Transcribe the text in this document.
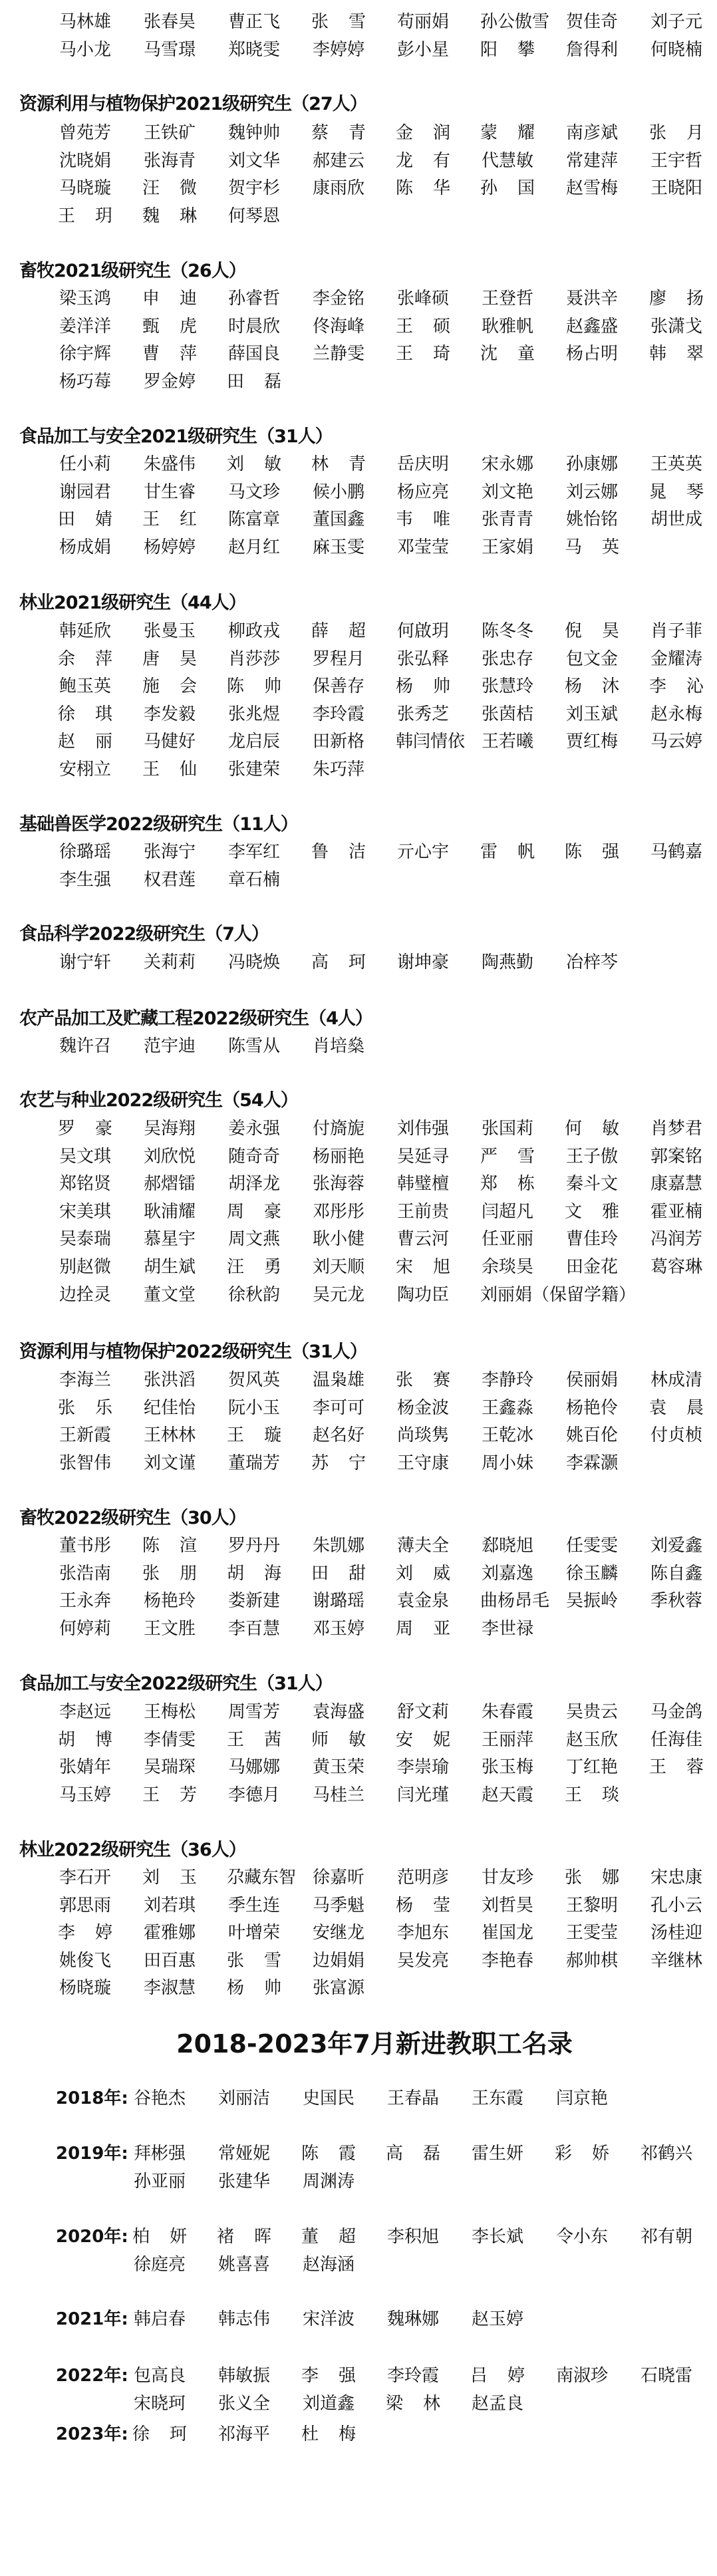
马林雄 张春昊 曹正飞 张雪 苟丽娟 孙公傲雪 贺佳奇 刘子元
马小龙 马雪璟 郑晓雯 李婷婷 彭小星 阳攀 詹得利 何晓楠
资源利用与植物保护2021级研究生（27人）
曾苑芳 王铁矿 魏钟帅 蔡青 金润 蒙耀 南彦斌 张月
沈晓娟 张海青 刘文华 郝建云 龙有 代慧敏 常建萍 王宇哲
马晓璇 汪微 贺宇杉 康雨欣 陈华 孙国 赵雪梅 王晓阳
王玥 魏琳 何琴恩
畜牧2021级研究生（26人）
梁玉鸿 申迪 孙睿哲 李金铭 张峰硕 王登哲 聂洪辛 廖扬
姜洋洋 甄虎 时晨欣 佟海峰 王硕 耿雅帆 赵鑫盛 张潇戈
徐宇辉 曹萍 薛国良 兰静雯 王琦 沈童 杨占明 韩翠
杨巧莓 罗金婷 田磊
食品加工与安全2021级研究生（31人）
任小莉 朱盛伟 刘敏 林青 岳庆明 宋永娜 孙康娜 王英英
谢园君 甘生睿 马文珍 候小鹏 杨应亮 刘文艳 刘云娜 晁琴
田婧 王红 陈富章 董国鑫 韦唯 张青青 姚怡铭 胡世成
杨成娟 杨婷婷 赵月红 麻玉雯 邓莹莹 王家娟 马英
林业2021级研究生（44人）
韩延欣 张曼玉 柳政戎 薛超 何啟玥 陈冬冬 倪昊 肖子菲
余萍 唐昊 肖莎莎 罗程月 张弘释 张忠存 包文金 金耀涛
鲍玉英 施会 陈帅 保善存 杨帅 张慧玲 杨沐 李沁
徐琪 李发毅 张兆煜 李玲霞 张秀芝 张茵桔 刘玉斌 赵永梅
赵丽 马健好 龙启辰 田新格 韩闫情依 王若曦 贾红梅 马云婷
安栩立 王仙 张建荣 朱巧萍
基础兽医学2022级研究生（11人）
徐璐瑶 张海宁 李军红 鲁洁 亓心宇 雷帆 陈强 马鹤嘉
李生强 权君莲 章石楠
食品科学2022级研究生（7人）
谢宁轩 关莉莉 冯晓焕 高珂 谢坤豪 陶燕勤 冶梓芩
农产品加工及贮藏工程2022级研究生（4人）
魏许召 范宇迪 陈雪从 肖培燊
农艺与种业2022级研究生（54人）
罗豪 吴海翔 姜永强 付旖旎 刘伟强 张国莉 何敏 肖梦君
吴文琪 刘欣悦 随奇奇 杨丽艳 吴延寻 严雪 王子傲 郭案铭
郑铭贤 郝熠镭 胡泽龙 张海蓉 韩璧檀 郑栋 秦斗文 康嘉慧
宋美琪 耿浦耀 周豪 邓彤彤 王前贵 闫超凡 文雅 霍亚楠
吴泰瑞 慕星宇 周文燕 耿小健 曹云河 任亚丽 曹佳玲 冯润芳
别赵微 胡生斌 汪勇 刘天顺 宋旭 余琰昊 田金花 葛容琳
边拴灵 董文堂 徐秋韵 吴元龙 陶功臣 刘丽娟（保留学籍）
资源利用与植物保护2022级研究生（31人）
李海兰 张洪滔 贺风英 温枭雄 张赛 李静玲 侯丽娟 林成清
张乐 纪佳怡 阮小玉 李可可 杨金波 王鑫淼 杨艳伶 袁晨
王新霞 王林林 王璇 赵名好 尚琰隽 王乾冰 姚百伦 付贞桢
张智伟 刘文谨 董瑞芳 苏宁 王守康 周小妹 李霖灏
畜牧2022级研究生（30人）
董书彤 陈渲 罗丹丹 朱凯娜 薄夫全 郄晓旭 任雯雯 刘爱鑫
张浩南 张朋 胡海 田甜 刘威 刘嘉逸 徐玉麟 陈自鑫
王永奔 杨艳玲 娄新建 谢璐瑶 袁金泉 曲杨昂毛 吴振岭 季秋蓉
何婷莉 王文胜 李百慧 邓玉婷 周亚 李世禄
食品加工与安全2022级研究生（31人）
李赵远 王梅松 周雪芳 袁海盛 舒文莉 朱春霞 吴贵云 马金鸽
胡博 李倩雯 王茜 师敏 安妮 王丽萍 赵玉欣 任海佳
张婧年 吴瑞琛 马娜娜 黄玉荣 李崇瑜 张玉梅 丁红艳 王蓉
马玉婷 王芳 李德月 马桂兰 闫光瑾 赵天霞 王琰
林业2022级研究生（36人）
李石开 刘玉 尕藏东智 徐嘉昕 范明彦 甘友珍 张娜 宋忠康
郭思雨 刘若琪 季生连 马季魁 杨莹 刘哲昊 王黎明 孔小云
李婷 霍雅娜 叶增荣 安继龙 李旭东 崔国龙 王雯莹 汤桂迎
姚俊飞 田百惠 张雪 边娟娟 吴发亮 李艳春 郝帅棋 辛继林
杨晓璇 李淑慧 杨帅 张富源
2018-2023年7月新进教职工名录
2018年: 谷艳杰 刘丽洁 史国民 王春晶 王东霞 闫京艳
2019年: 拜彬强 常娅妮 陈霞 高磊 雷生妍 彩娇 祁鹤兴
孙亚丽 张建华 周渊涛
2020年: 柏妍 褚晖 董超 李积旭 李长斌 令小东 祁有朝
徐庭亮 姚喜喜 赵海涵
2021年: 韩启春 韩志伟 宋洋波 魏琳娜 赵玉婷
2022年: 包高良 韩敏振 李强 李玲霞 吕婷 南淑珍 石晓雷
宋晓珂 张义全 刘道鑫 梁林 赵孟良
2023年: 徐珂 祁海平 杜梅
